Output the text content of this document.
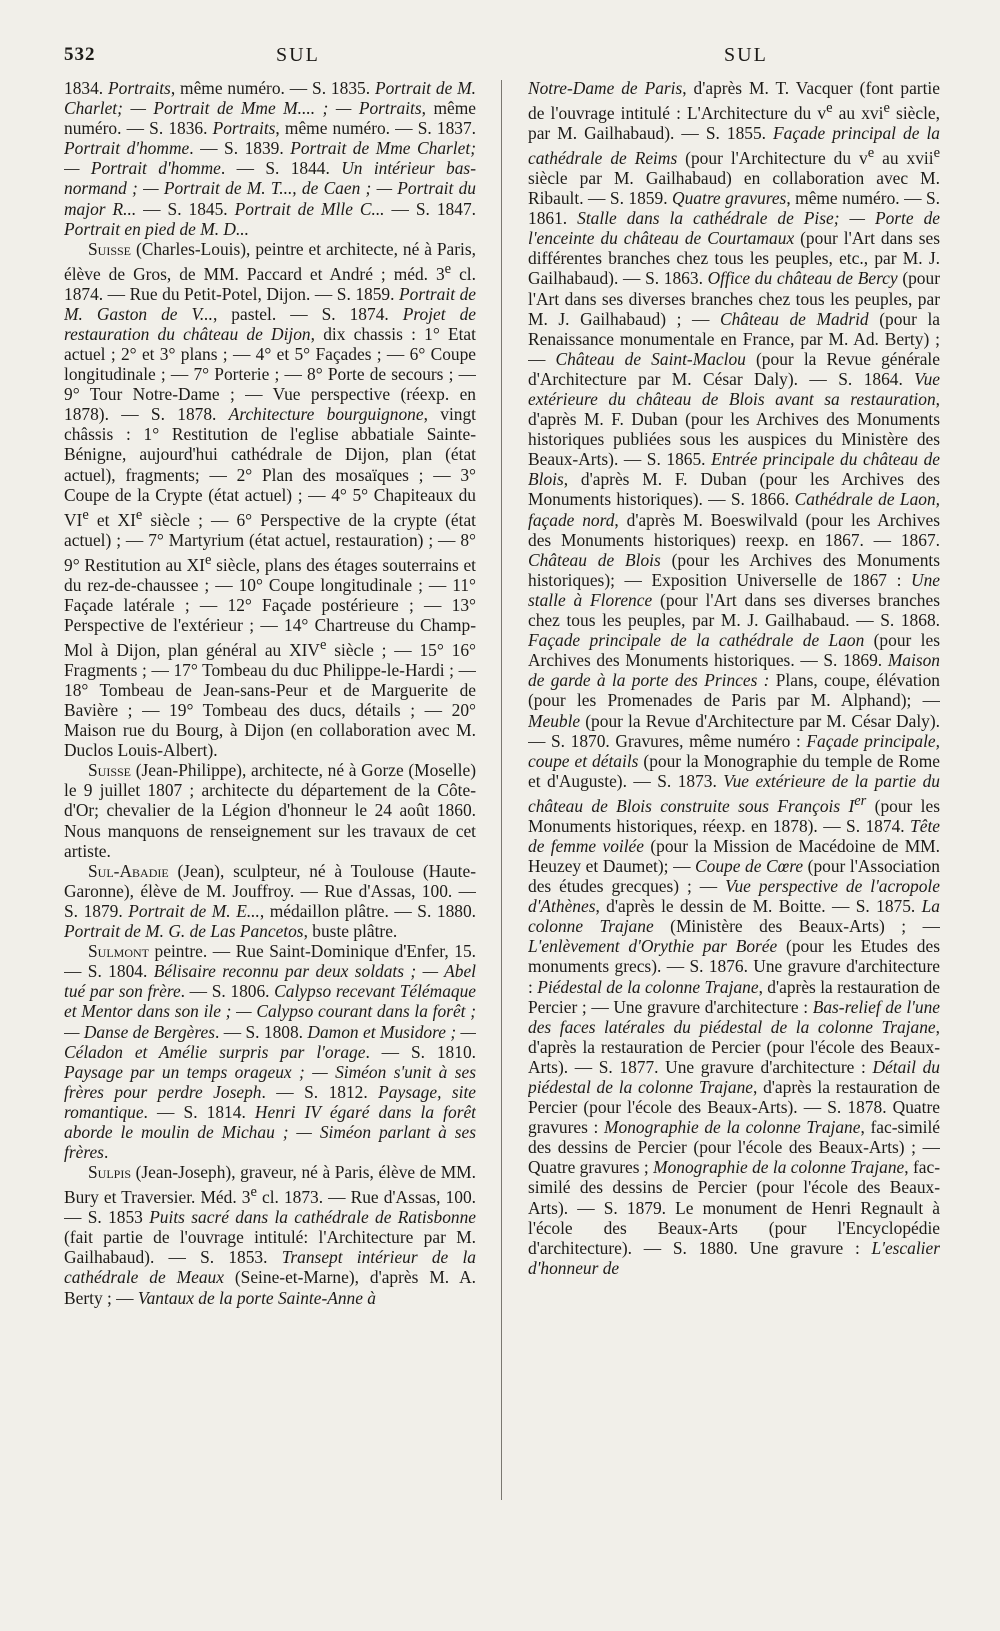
532	SUL	SUL

1834. Portraits, même numéro. — S. 1835. Portrait de M. Charlet; — Portrait de Mme M.... ; — Portraits, même numéro. — S. 1836. Portraits, même numéro. — S. 1837. Portrait d'homme. — S. 1839. Portrait de Mme Charlet; — Portrait d'homme. — S. 1844. Un intérieur bas-normand ; — Portrait de M. T..., de Caen ; — Portrait du major R... — S. 1845. Portrait de Mlle C... — S. 1847. Portrait en pied de M. D...

Suisse (Charles-Louis), peintre et architecte, né à Paris, élève de Gros, de MM. Paccard et André ; méd. 3e cl. 1874. — Rue du Petit-Potel, Dijon. — S. 1859. Portrait de M. Gaston de V..., pastel. — S. 1874. Projet de restauration du château de Dijon, dix chassis : 1° Etat actuel ; 2° et 3° plans ; — 4° et 5° Façades ; — 6° Coupe longitudinale ; — 7° Porterie ; — 8° Porte de secours ; — 9° Tour Notre-Dame ; — Vue perspective (réexp. en 1878). — S. 1878. Architecture bourguignone, vingt châssis : 1° Restitution de l'eglise abbatiale Sainte-Bénigne, aujourd'hui cathédrale de Dijon, plan (état actuel), fragments; — 2° Plan des mosaïques ; — 3° Coupe de la Crypte (état actuel) ; — 4° 5° Chapiteaux du VIe et XIe siècle ; — 6° Perspective de la crypte (état actuel) ; — 7° Martyrium (état actuel, restauration) ; — 8° 9° Restitution au XIe siècle, plans des étages souterrains et du rez-de-chaussee ; — 10° Coupe longitudinale ; — 11° Façade latérale ; — 12° Façade postérieure ; — 13° Perspective de l'extérieur ; — 14° Chartreuse du Champ-Mol à Dijon, plan général au XIVe siècle ; — 15° 16° Fragments ; — 17° Tombeau du duc Philippe-le-Hardi ; — 18° Tombeau de Jean-sans-Peur et de Marguerite de Bavière ; — 19° Tombeau des ducs, détails ; — 20° Maison rue du Bourg, à Dijon (en collaboration avec M. Duclos Louis-Albert).

Suisse (Jean-Philippe), architecte, né à Gorze (Moselle) le 9 juillet 1807 ; architecte du département de la Côte-d'Or; chevalier de la Légion d'honneur le 24 août 1860. Nous manquons de renseignement sur les travaux de cet artiste.

Sul-Abadie (Jean), sculpteur, né à Toulouse (Haute-Garonne), élève de M. Jouffroy. — Rue d'Assas, 100. — S. 1879. Portrait de M. E..., médaillon plâtre. — S. 1880. Portrait de M. G. de Las Pancetos, buste plâtre.

Sulmont peintre. — Rue Saint-Dominique d'Enfer, 15. — S. 1804. Bélisaire reconnu par deux soldats ; — Abel tué par son frère. — S. 1806. Calypso recevant Télémaque et Mentor dans son ile ; — Calypso courant dans la forêt ; — Danse de Bergères. — S. 1808. Damon et Musidore ; — Céladon et Amélie surpris par l'orage. — S. 1810. Paysage par un temps orageux ; — Siméon s'unit à ses frères pour perdre Joseph. — S. 1812. Paysage, site romantique. — S. 1814. Henri IV égaré dans la forêt aborde le moulin de Michau ; — Siméon parlant à ses frères.

Sulpis (Jean-Joseph), graveur, né à Paris, élève de MM. Bury et Traversier. Méd. 3e cl. 1873. — Rue d'Assas, 100. — S. 1853 Puits sacré dans la cathédrale de Ratisbonne (fait partie de l'ouvrage intitulé: l'Architecture par M. Gailhabaud). — S. 1853. Transept intérieur de la cathédrale de Meaux (Seine-et-Marne), d'après M. A. Berty ; — Vantaux de la porte Sainte-Anne à

Notre-Dame de Paris, d'après M. T. Vacquer (font partie de l'ouvrage intitulé : L'Architecture du $v^e$ au xvi$^e$ siècle, par M. Gailhabaud). — S. 1855. Façade principal de la cathédrale de Reims (pour l'Architecture du $v^e$ au xvii$^e$ siècle par M. Gailhabaud) en collaboration avec M. Ribault. — S. 1859. Quatre gravures, même numéro. — S. 1861. Stalle dans la cathédrale de Pise; — Porte de l'enceinte du château de Courtamaux (pour l'Art dans ses différentes branches chez tous les peuples, etc., par M. J. Gailhabaud). — S. 1863. Office du château de Bercy (pour l'Art dans ses diverses branches chez tous les peuples, par M. J. Gailhabaud) ; — Château de Madrid (pour la Renaissance monumentale en France, par M. Ad. Berty) ; — Château de Saint-Maclou (pour la Revue générale d'Architecture par M. César Daly). — S. 1864. Vue extérieure du château de Blois avant sa restauration, d'après M. F. Duban (pour les Archives des Monuments historiques publiées sous les auspices du Ministère des Beaux-Arts). — S. 1865. Entrée principale du château de Blois, d'après M. F. Duban (pour les Archives des Monuments historiques). — S. 1866. Cathédrale de Laon, façade nord, d'après M. Boeswilvald (pour les Archives des Monuments historiques) reexp. en 1867. — 1867. Château de Blois (pour les Archives des Monuments historiques); — Exposition Universelle de 1867 : Une stalle à Florence (pour l'Art dans ses diverses branches chez tous les peuples, par M. J. Gailhabaud. — S. 1868. Façade principale de la cathédrale de Laon (pour les Archives des Monuments historiques. — S. 1869. Maison de garde à la porte des Princes : Plans, coupe, élévation (pour les Promenades de Paris par M. Alphand); — Meuble (pour la Revue d'Architecture par M. César Daly). — S. 1870. Gravures, même numéro : Façade principale, coupe et détails (pour la Monographie du temple de Rome et d'Auguste). — S. 1873. Vue extérieure de la partie du château de Blois construite sous François Ier (pour les Monuments historiques, réexp. en 1878). — S. 1874. Tête de femme voilée (pour la Mission de Macédoine de MM. Heuzey et Daumet); — Coupe de Cœre (pour l'Association des études grecques) ; — Vue perspective de l'acropole d'Athènes, d'après le dessin de M. Boitte. — S. 1875. La colonne Trajane (Ministère des Beaux-Arts) ; — L'enlèvement d'Orythie par Borée (pour les Etudes des monuments grecs). — S. 1876. Une gravure d'architecture : Piédestal de la colonne Trajane, d'après la restauration de Percier ; — Une gravure d'architecture : Bas-relief de l'une des faces latérales du piédestal de la colonne Trajane, d'après la restauration de Percier (pour l'école des Beaux-Arts). — S. 1877. Une gravure d'architecture : Détail du piédestal de la colonne Trajane, d'après la restauration de Percier (pour l'école des Beaux-Arts). — S. 1878. Quatre gravures : Monographie de la colonne Trajane, fac-similé des dessins de Percier (pour l'école des Beaux-Arts) ; — Quatre gravures ; Monographie de la colonne Trajane, fac-similé des dessins de Percier (pour l'école des Beaux-Arts). — S. 1879. Le monument de Henri Regnault à l'école des Beaux-Arts (pour l'Encyclopédie d'architecture). — S. 1880. Une gravure : L'escalier d'honneur de
